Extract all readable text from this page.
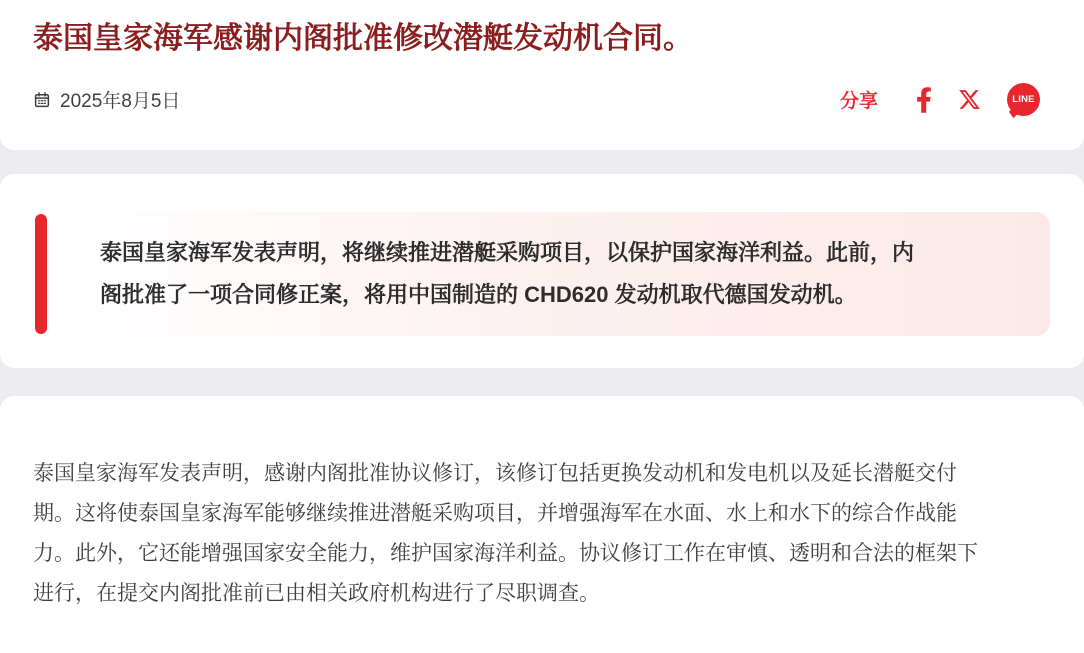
泰国皇家海军感谢内阁批准修改潜艇发动机合同。
2025年8月5日	分享	LINE

泰国皇家海军发表声明，将继续推进潜艇采购项目，以保护国家海洋利益。此前，内

阁批准了一项合同修正案，将用中国制造的 CHD620 发动机取代德国发动机。

泰国皇家海军发表声明，感谢内阁批准协议修订，该修订包括更换发动机和发电机以及延长潜艇交付

期。这将使泰国皇家海军能够继续推进潜艇采购项目，并增强海军在水面、水上和水下的综合作战能

力。此外，它还能增强国家安全能力，维护国家海洋利益。协议修订工作在审慎、透明和合法的框架下

进行，在提交内阁批准前已由相关政府机构进行了尽职调查。
